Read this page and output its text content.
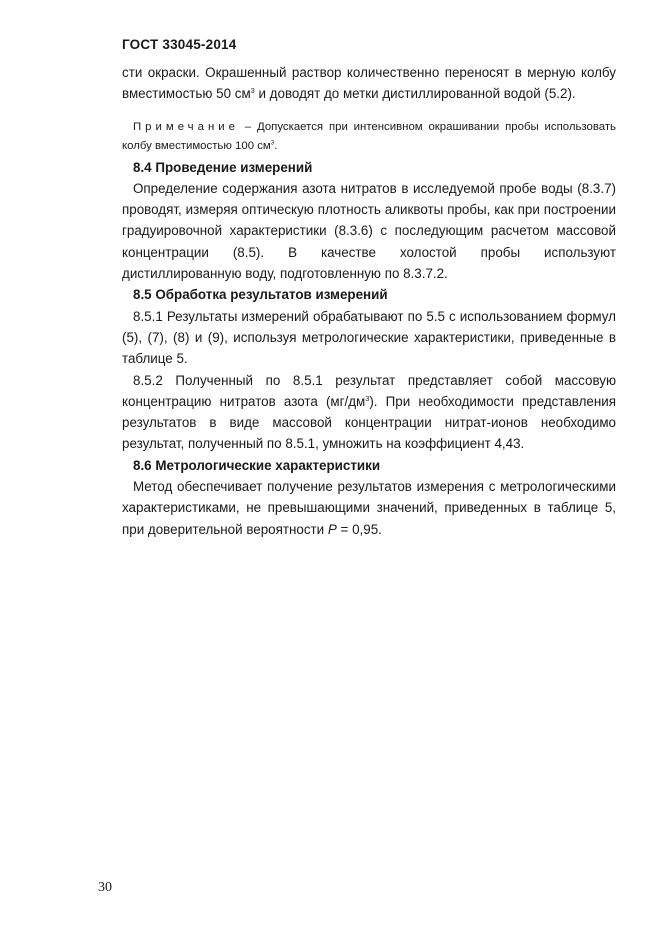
ГОСТ 33045-2014

сти окраски. Окрашенный раствор количественно переносят в мерную колбу вместимостью 50 $см^3$ и доводят до метки дистиллированной водой (5.2).

Примечание – Допускается при интенсивном окрашивании пробы использовать колбу вместимостью 100 $см^3$.

8.4 Проведение измерений

Определение содержания азота нитратов в исследуемой пробе воды (8.3.7) проводят, измеряя оптическую плотность аликвоты пробы, как при построении градуировочной характеристики (8.3.6) с последующим расчетом массовой концентрации (8.5). В качестве холостой пробы используют дистиллированную воду, подготовленную по 8.3.7.2.

8.5 Обработка результатов измерений

8.5.1 Результаты измерений обрабатывают по 5.5 с использованием формул (5), (7), (8) и (9), используя метрологические характеристики, приведенные в таблице 5.

8.5.2 Полученный по 8.5.1 результат представляет собой массовую концентрацию нитратов азота $(мг/дм^3)$. При необходимости представления результатов в виде массовой концентрации нитрат-ионов необходимо результат, полученный по 8.5.1, умножить на коэффициент 4,43.

8.6 Метрологические характеристики

Метод обеспечивает получение результатов измерения с метрологическими характеристиками, не превышающими значений, приведенных в таблице 5, при доверительной вероятности P = 0,95.

30
